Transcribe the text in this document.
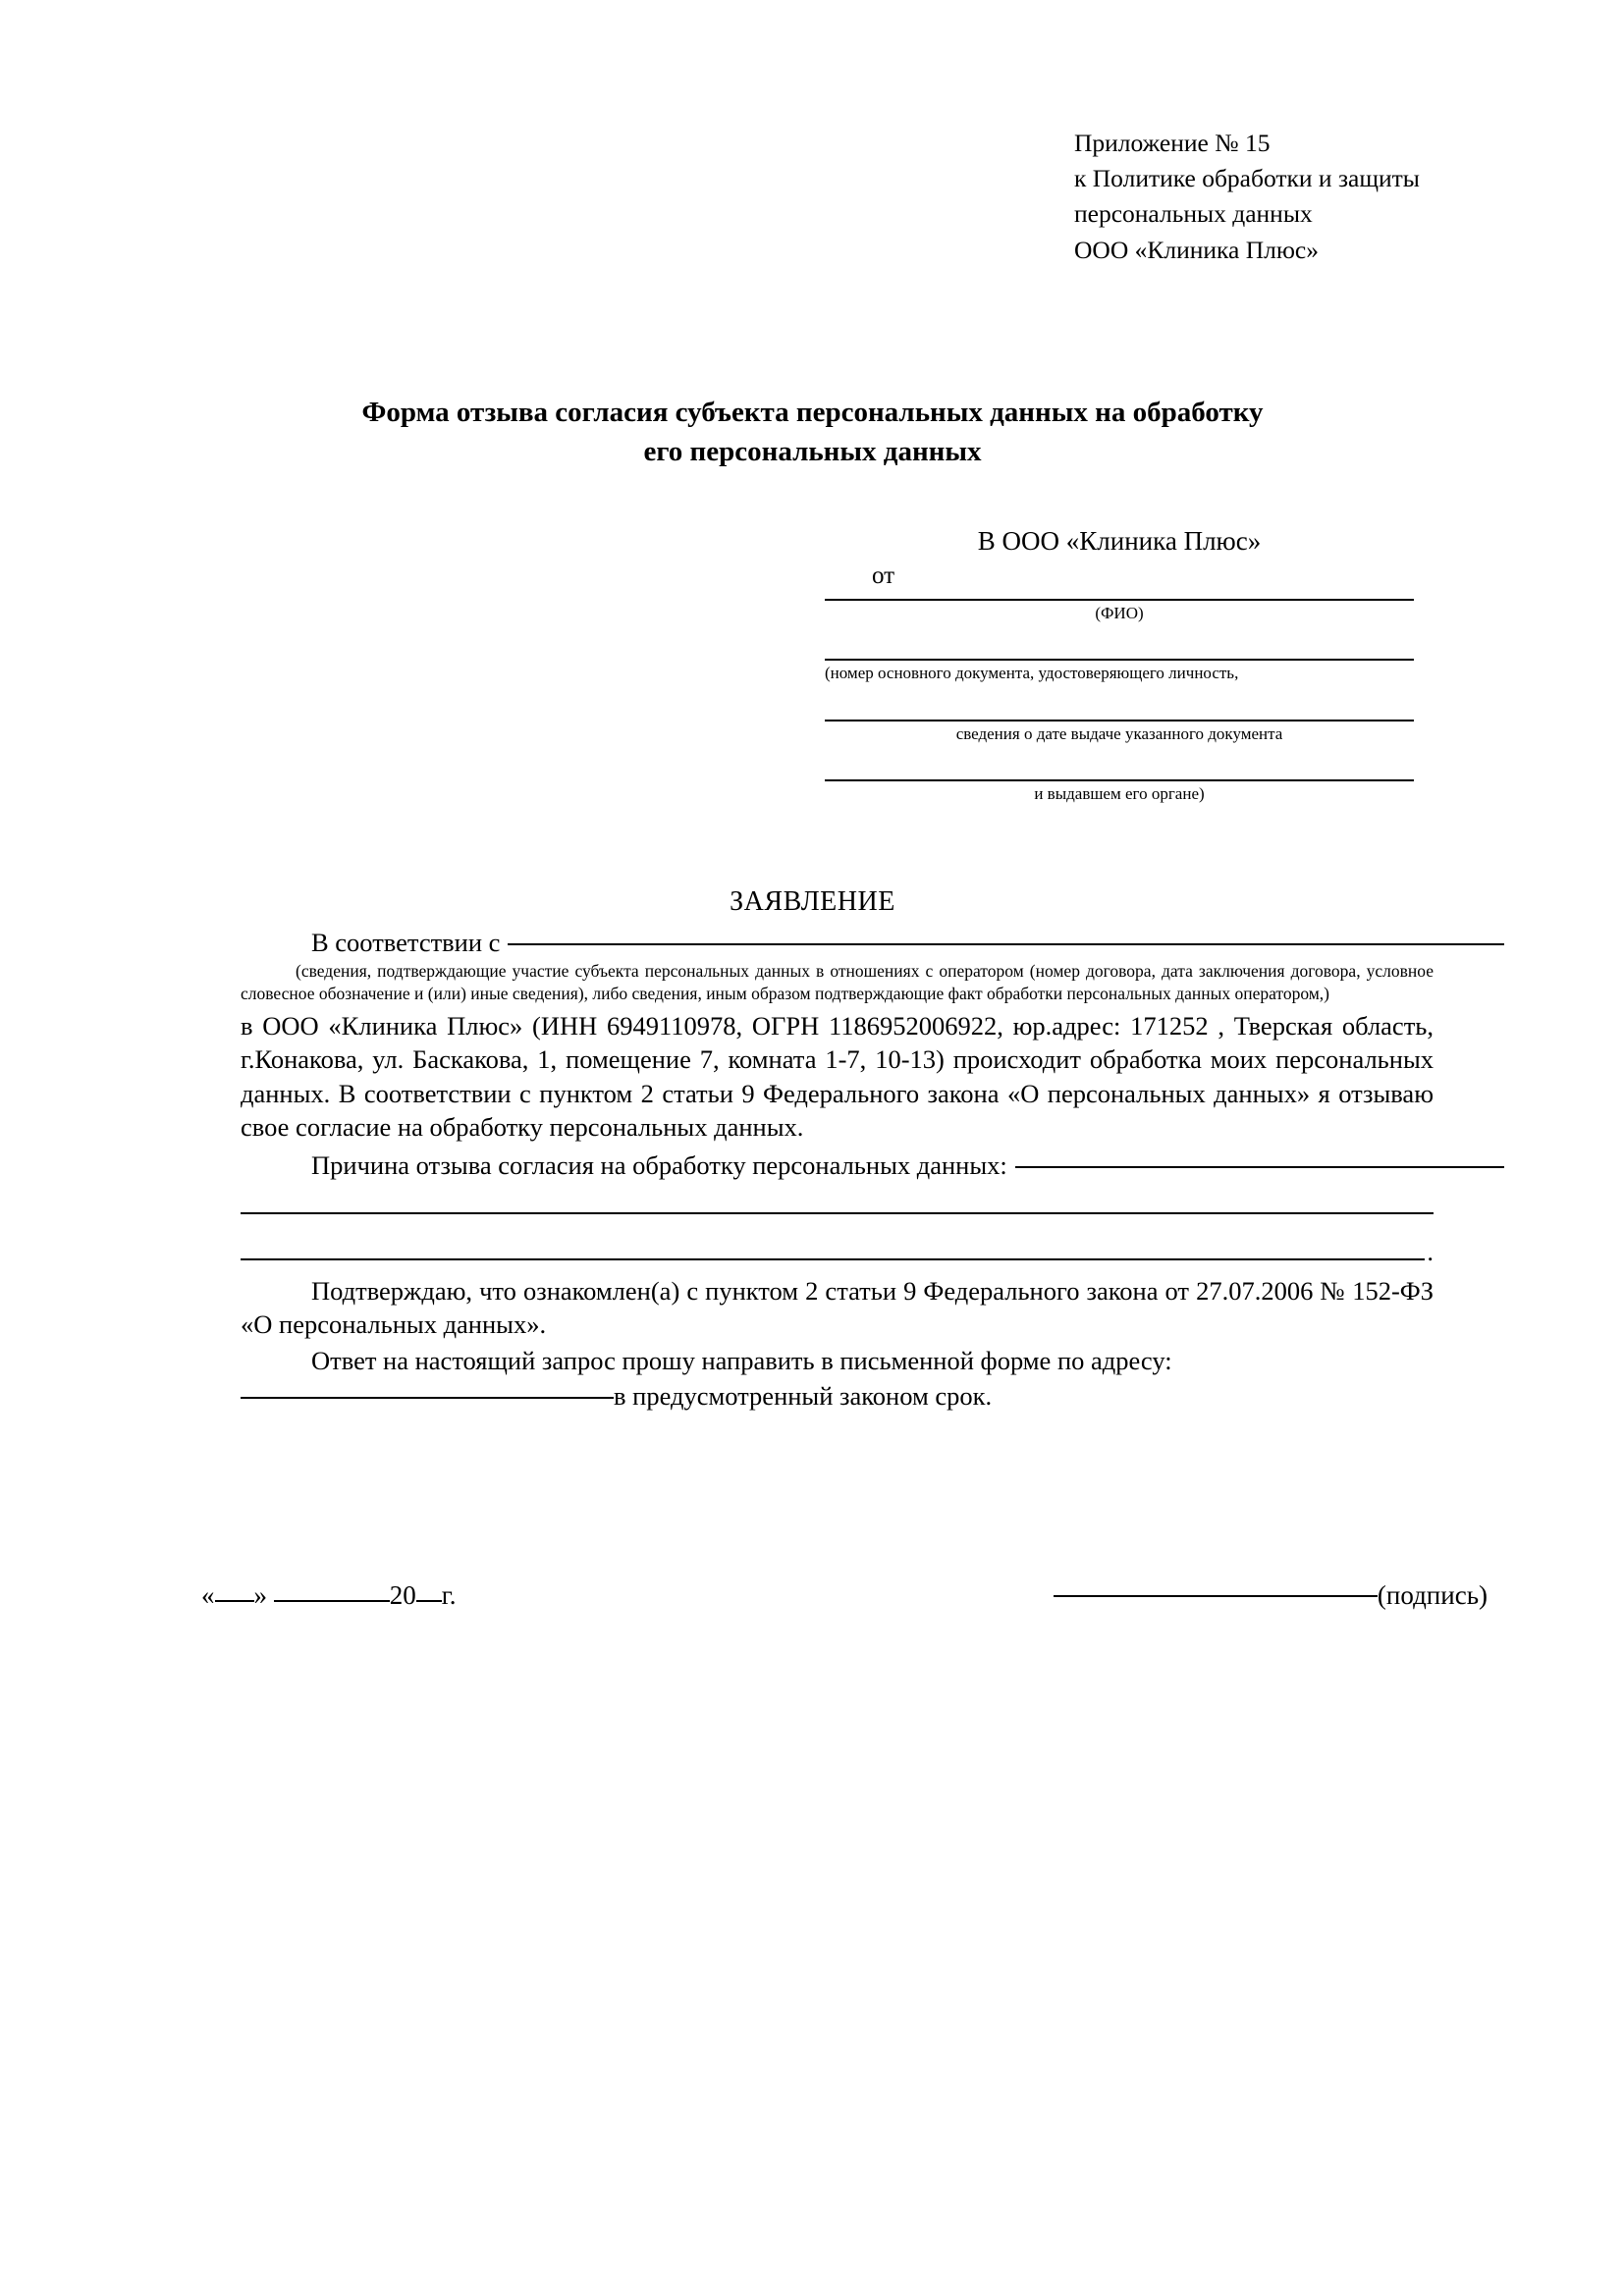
Приложение № 15
к Политике обработки и защиты
персональных данных
ООО «Клиника Плюс»
Форма отзыва согласия субъекта персональных данных на обработку
его персональных данных
В ООО «Клиника Плюс»
от
(ФИО)
(номер основного документа, удостоверяющего личность,
сведения о дате выдаче указанного документа
и выдавшем его органе)
ЗАЯВЛЕНИЕ
В соответствии с

(сведения, подтверждающие участие субъекта персональных данных в отношениях с оператором (номер договора, дата заключения договора, условное словесное обозначение и (или) иные сведения), либо сведения, иным образом подтверждающие факт обработки персональных данных оператором,)

в ООО «Клиника Плюс» (ИНН 6949110978, ОГРН 1186952006922, юр.адрес: 171252 , Тверская область, г.Конакова, ул. Баскакова, 1, помещение 7, комната 1-7, 10-13) происходит обработка моих персональных данных. В соответствии с пунктом 2 статьи 9 Федерального закона «О персональных данных» я отзываю свое согласие на обработку персональных данных.

Причина отзыва согласия на обработку персональных данных:
.

Подтверждаю, что ознакомлен(а) с пунктом 2 статьи 9 Федерального закона от 27.07.2006 № 152-ФЗ «О персональных данных».

Ответ на настоящий запрос прошу направить в письменной форме по адресу:

в предусмотренный законом срок.
« »	20 г.	(подпись)
